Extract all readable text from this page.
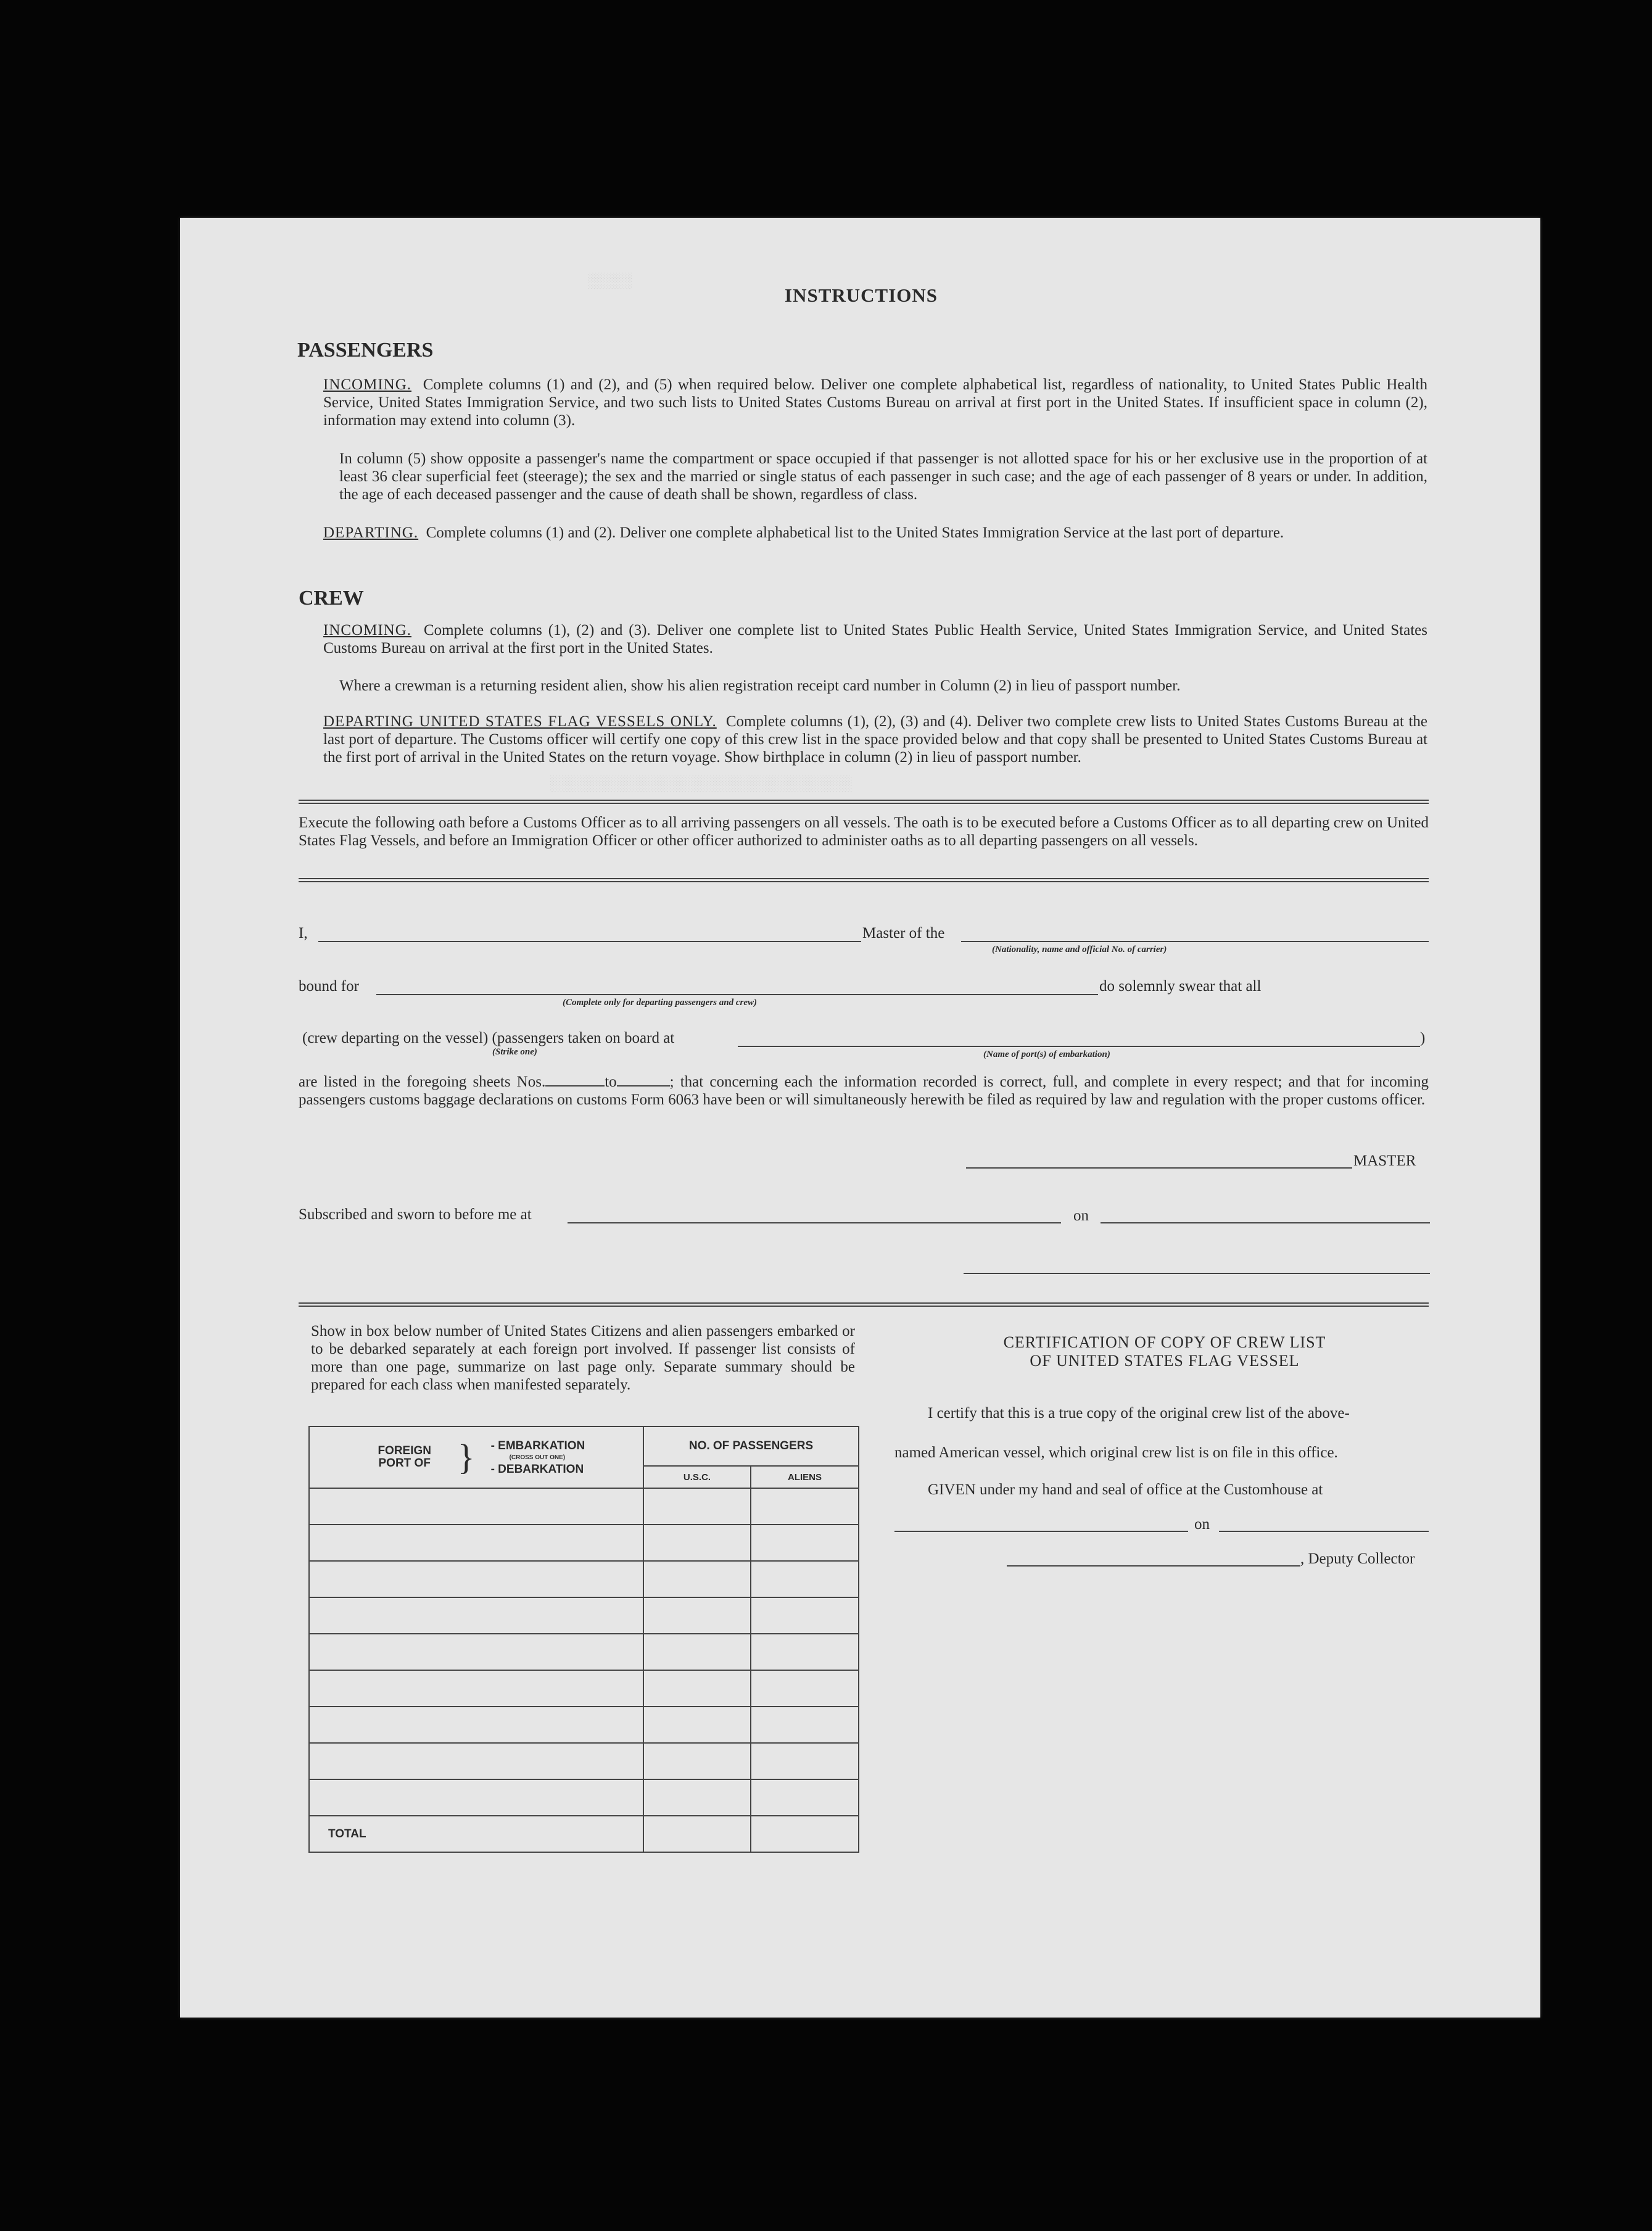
░░░░░
░░░░░░░░░░░░░░░░░░░░░░░░░░░░░░░░░░
INSTRUCTIONS
PASSENGERS
INCOMING. Complete columns (1) and (2), and (5) when required below. Deliver one complete alphabetical list, regardless of nationality, to United States Public Health Service, United States Immigration Service, and two such lists to United States Customs Bureau on arrival at first port in the United States. If insufficient space in column (2), information may extend into column (3).
In column (5) show opposite a passenger's name the compartment or space occupied if that passenger is not allotted space for his or her exclusive use in the proportion of at least 36 clear superficial feet (steerage); the sex and the married or single status of each passenger in such case; and the age of each passenger of 8 years or under. In addition, the age of each deceased passenger and the cause of death shall be shown, regardless of class.
DEPARTING. Complete columns (1) and (2). Deliver one complete alphabetical list to the United States Immigration Service at the last port of departure.
CREW
INCOMING. Complete columns (1), (2) and (3). Deliver one complete list to United States Public Health Service, United States Immigration Service, and United States Customs Bureau on arrival at the first port in the United States.
Where a crewman is a returning resident alien, show his alien registration receipt card number in Column (2) in lieu of passport number.
DEPARTING UNITED STATES FLAG VESSELS ONLY. Complete columns (1), (2), (3) and (4). Deliver two complete crew lists to United States Customs Bureau at the last port of departure. The Customs officer will certify one copy of this crew list in the space provided below and that copy shall be presented to United States Customs Bureau at the first port of arrival in the United States on the return voyage. Show birthplace in column (2) in lieu of passport number.
Execute the following oath before a Customs Officer as to all arriving passengers on all vessels. The oath is to be executed before a Customs Officer as to all departing crew on United States Flag Vessels, and before an Immigration Officer or other officer authorized to administer oaths as to all departing passengers on all vessels.
I,	Master of the
(Nationality, name and official No. of carrier)
bound for
(Complete only for departing passengers and crew)
do solemnly swear that all
(crew departing on the vessel) (passengers taken on board at
(Strike one)	(Name of port(s) of embarkation)
)
are listed in the foregoing sheets Nos.	to	; that concerning each the information recorded is correct, full, and complete in every respect; and that for incoming passengers customs baggage declarations on customs Form 6063 have been or will simultaneously herewith be filed as required by law and regulation with the proper customs officer.
MASTER
Subscribed and sworn to before me at	on
Show in box below number of United States Citizens and alien passengers embarked or to be debarked separately at each foreign port involved. If passenger list consists of more than one page, summarize on last page only. Separate summary should be prepared for each class when manifested separately.
FOREIGN PORT OF } - EMBARKATION
(CROSS OUT ONE)
- DEBARKATION	NO. OF PASSENGERS	
	U.S.C.	ALIENS

TOTAL		
CERTIFICATION OF COPY OF CREW LIST
OF UNITED STATES FLAG VESSEL
I certify that this is a true copy of the original crew list of the above-
named American vessel, which original crew list is on file in this office.
GIVEN under my hand and seal of office at the Customhouse at
on
, Deputy Collector
